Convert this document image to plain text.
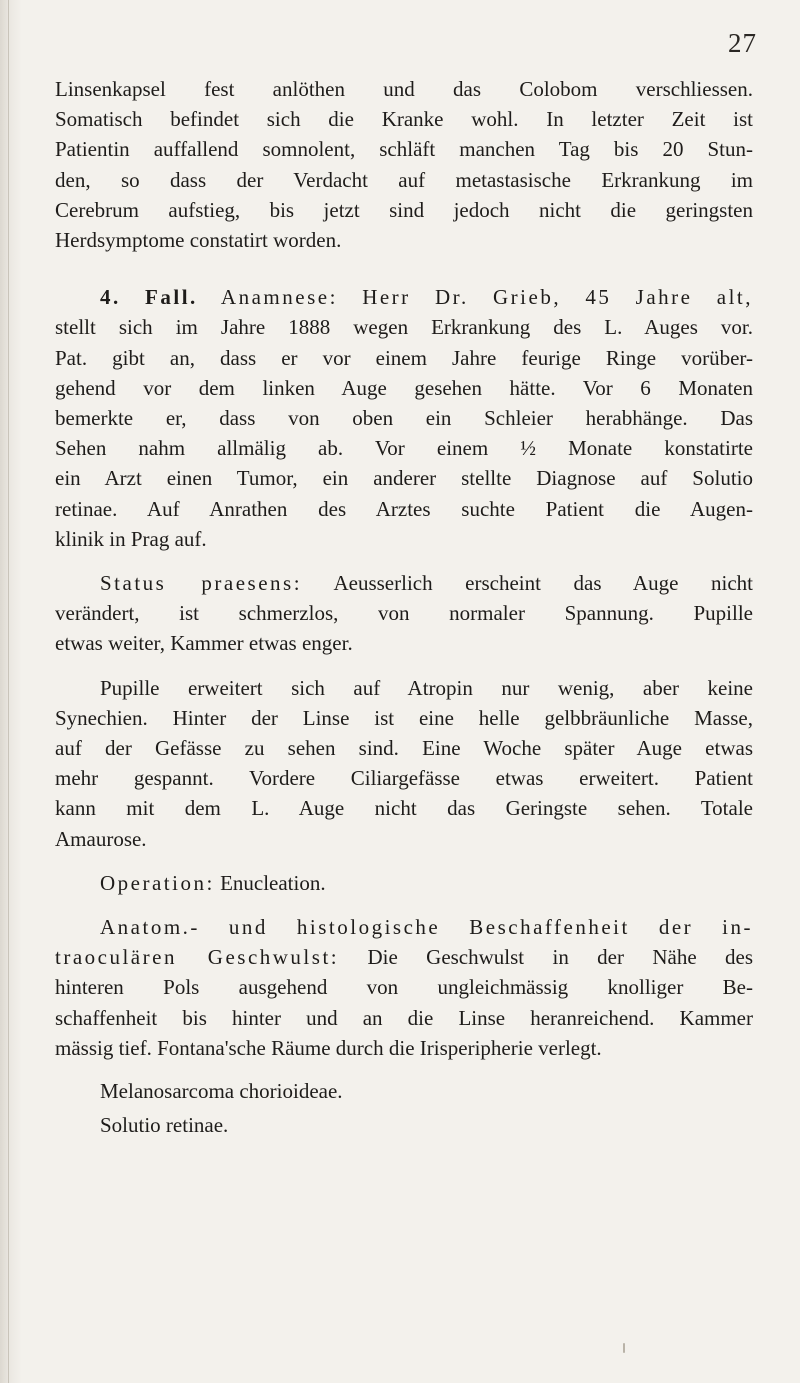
27
Linsenkapsel fest anlöthen und das Colobom verschliessen.
Somatisch befindet sich die Kranke wohl. In letzter Zeit ist
Patientin auffallend somnolent, schläft manchen Tag bis 20 Stun-
den, so dass der Verdacht auf metastasische Erkrankung im
Cerebrum aufstieg, bis jetzt sind jedoch nicht die geringsten
Herdsymptome constatirt worden.
4. Fall. Anamnese: Herr Dr. Grieb, 45 Jahre alt,
stellt sich im Jahre 1888 wegen Erkrankung des L. Auges vor.
Pat. gibt an, dass er vor einem Jahre feurige Ringe vorüber-
gehend vor dem linken Auge gesehen hätte. Vor 6 Monaten
bemerkte er, dass von oben ein Schleier herabhänge. Das
Sehen nahm allmälig ab. Vor einem ½ Monate konstatirte
ein Arzt einen Tumor, ein anderer stellte Diagnose auf Solutio
retinae. Auf Anrathen des Arztes suchte Patient die Augen-
klinik in Prag auf.
Status praesens: Aeusserlich erscheint das Auge nicht
verändert, ist schmerzlos, von normaler Spannung. Pupille
etwas weiter, Kammer etwas enger.
Pupille erweitert sich auf Atropin nur wenig, aber keine
Synechien. Hinter der Linse ist eine helle gelbbräunliche Masse,
auf der Gefässe zu sehen sind. Eine Woche später Auge etwas
mehr gespannt. Vordere Ciliargefässe etwas erweitert. Patient
kann mit dem L. Auge nicht das Geringste sehen. Totale
Amaurose.
Operation: Enucleation.
Anatom.- und histologische Beschaffenheit der in-
traoculären Geschwulst: Die Geschwulst in der Nähe des
hinteren Pols ausgehend von ungleichmässig knolliger Be-
schaffenheit bis hinter und an die Linse heranreichend. Kammer
mässig tief. Fontana'sche Räume durch die Irisperipherie verlegt.
Melanosarcoma chorioideae.
Solutio retinae.
